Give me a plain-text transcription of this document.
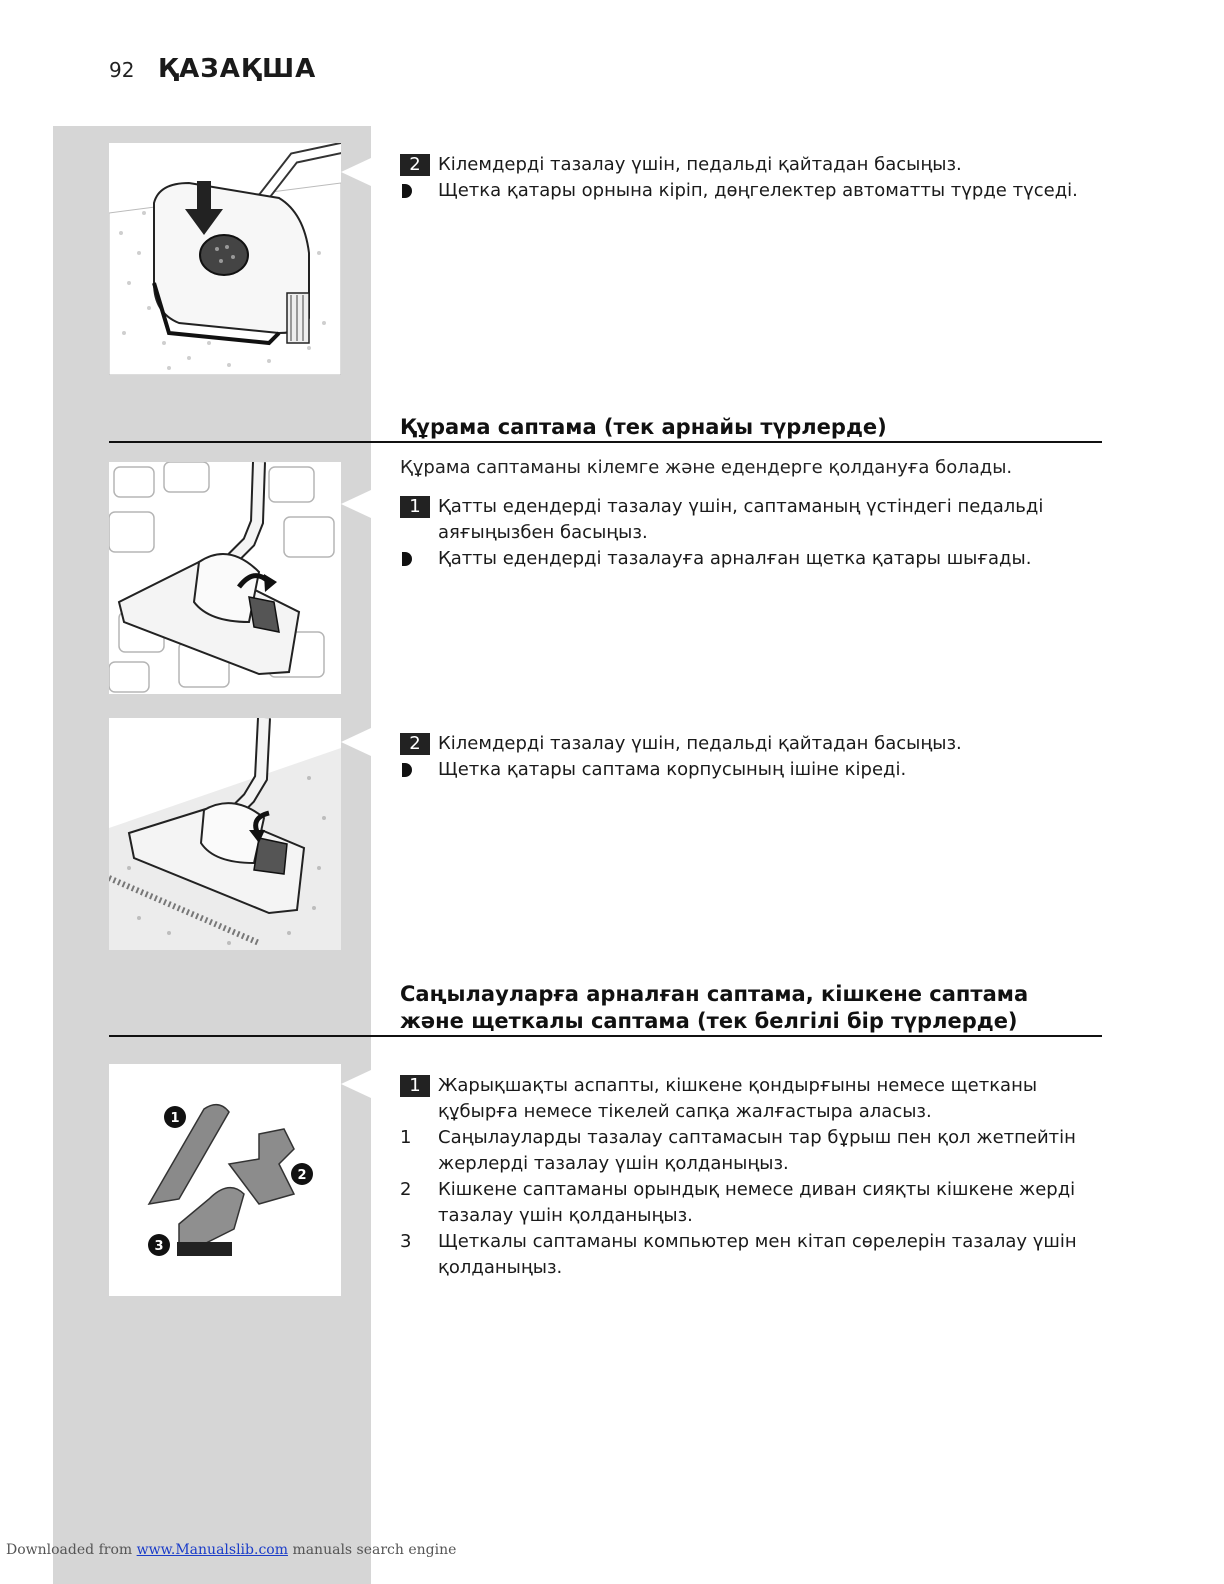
92 ҚАЗАҚША
2 Кілемдерді тазалау үшін, педальді қайтадан басыңыз.
Щетка қатары орнына кіріп, дөңгелектер автоматты түрде түседі.
Құрама саптама (тек арнайы түрлерде)
Құрама саптаманы кілемге және едендерге қолдануға болады.
1 Қатты едендерді тазалау үшін, саптаманың үстіндегі педальді аяғыңызбен басыңыз.
Қатты едендерді тазалауға арналған щетка қатары шығады.
2 Кілемдерді тазалау үшін, педальді қайтадан басыңыз.
Щетка қатары саптама корпусының ішіне кіреді.
Саңылауларға арналған саптама, кішкене саптама
және щеткалы саптама (тек белгілі бір түрлерде)
1
2
3
1 Жарықшақты аспапты, кішкене қондырғыны немесе щетканы құбырға немесе тікелей сапқа жалғастыра аласыз.
1	Саңылауларды тазалау саптамасын тар бұрыш пен қол жетпейтін жерлерді тазалау үшін қолданыңыз.
2	Кішкене саптаманы орындық немесе диван сияқты кішкене жерді тазалау үшін қолданыңыз.
3	Щеткалы саптаманы компьютер мен кітап сөрелерін тазалау үшін қолданыңыз.
Downloaded from www.Manualslib.com manuals search engine
